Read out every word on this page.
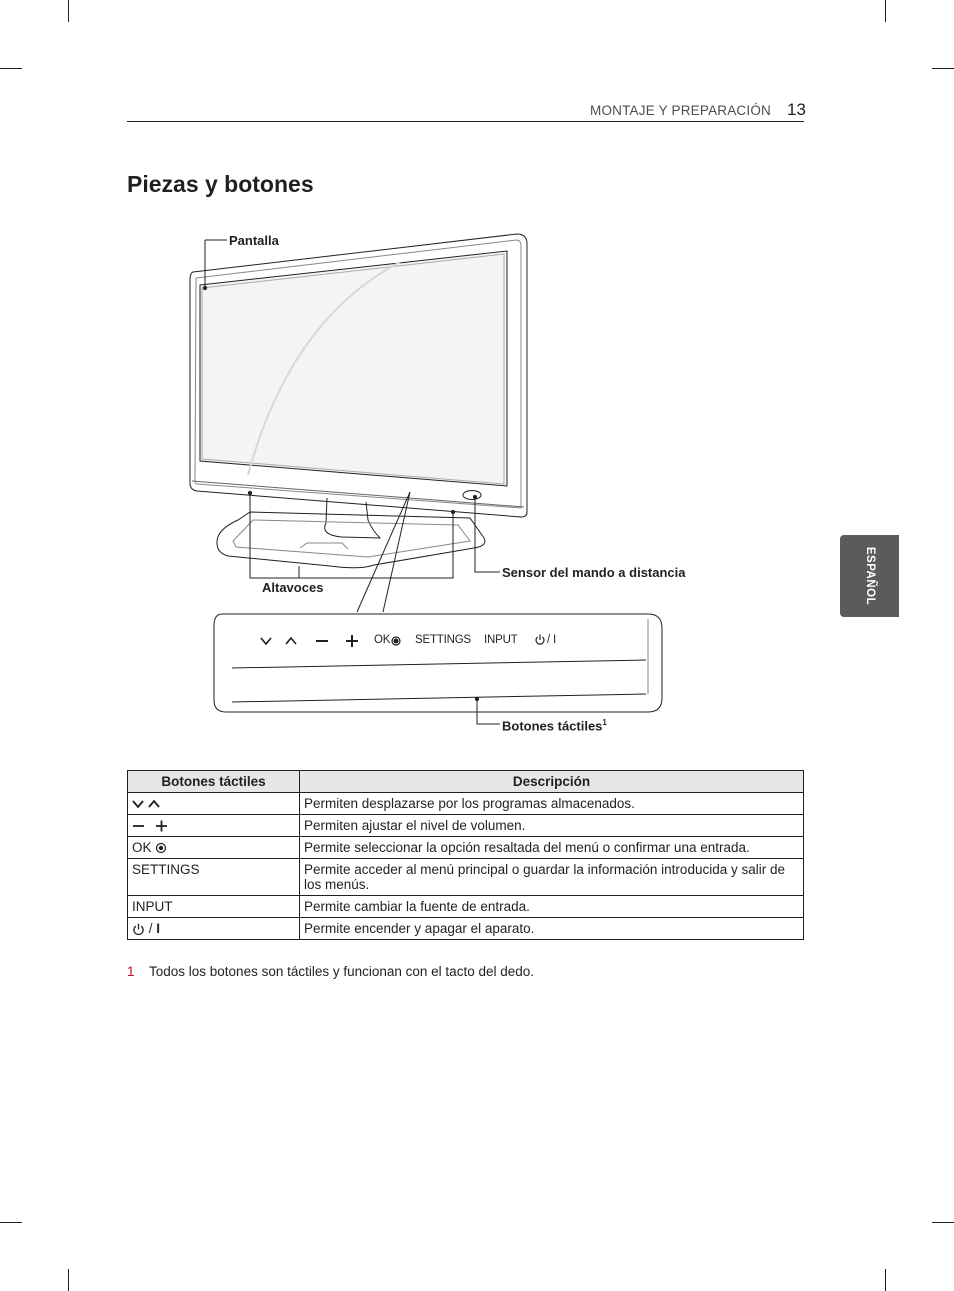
MONTAJE Y PREPARACIÓN 13
Piezas y botones
ESPAÑOL
Pantalla
Altavoces
Sensor del mando a distancia
Botones táctiles$^1$
OK SETTINGS INPUT	/ I
Botones táctiles	Descripción
	Permiten desplazarse por los programas almacenados.
	Permiten ajustar el nivel de volumen.
OK	Permite seleccionar la opción resaltada del menú o confirmar una entrada.
SETTINGS	Permite acceder al menú principal o guardar la información introducida y salir de los menús.
INPUT	Permite cambiar la fuente de entrada.
/ I	Permite encender y apagar el aparato.
1 Todos los botones son táctiles y funcionan con el tacto del dedo.
